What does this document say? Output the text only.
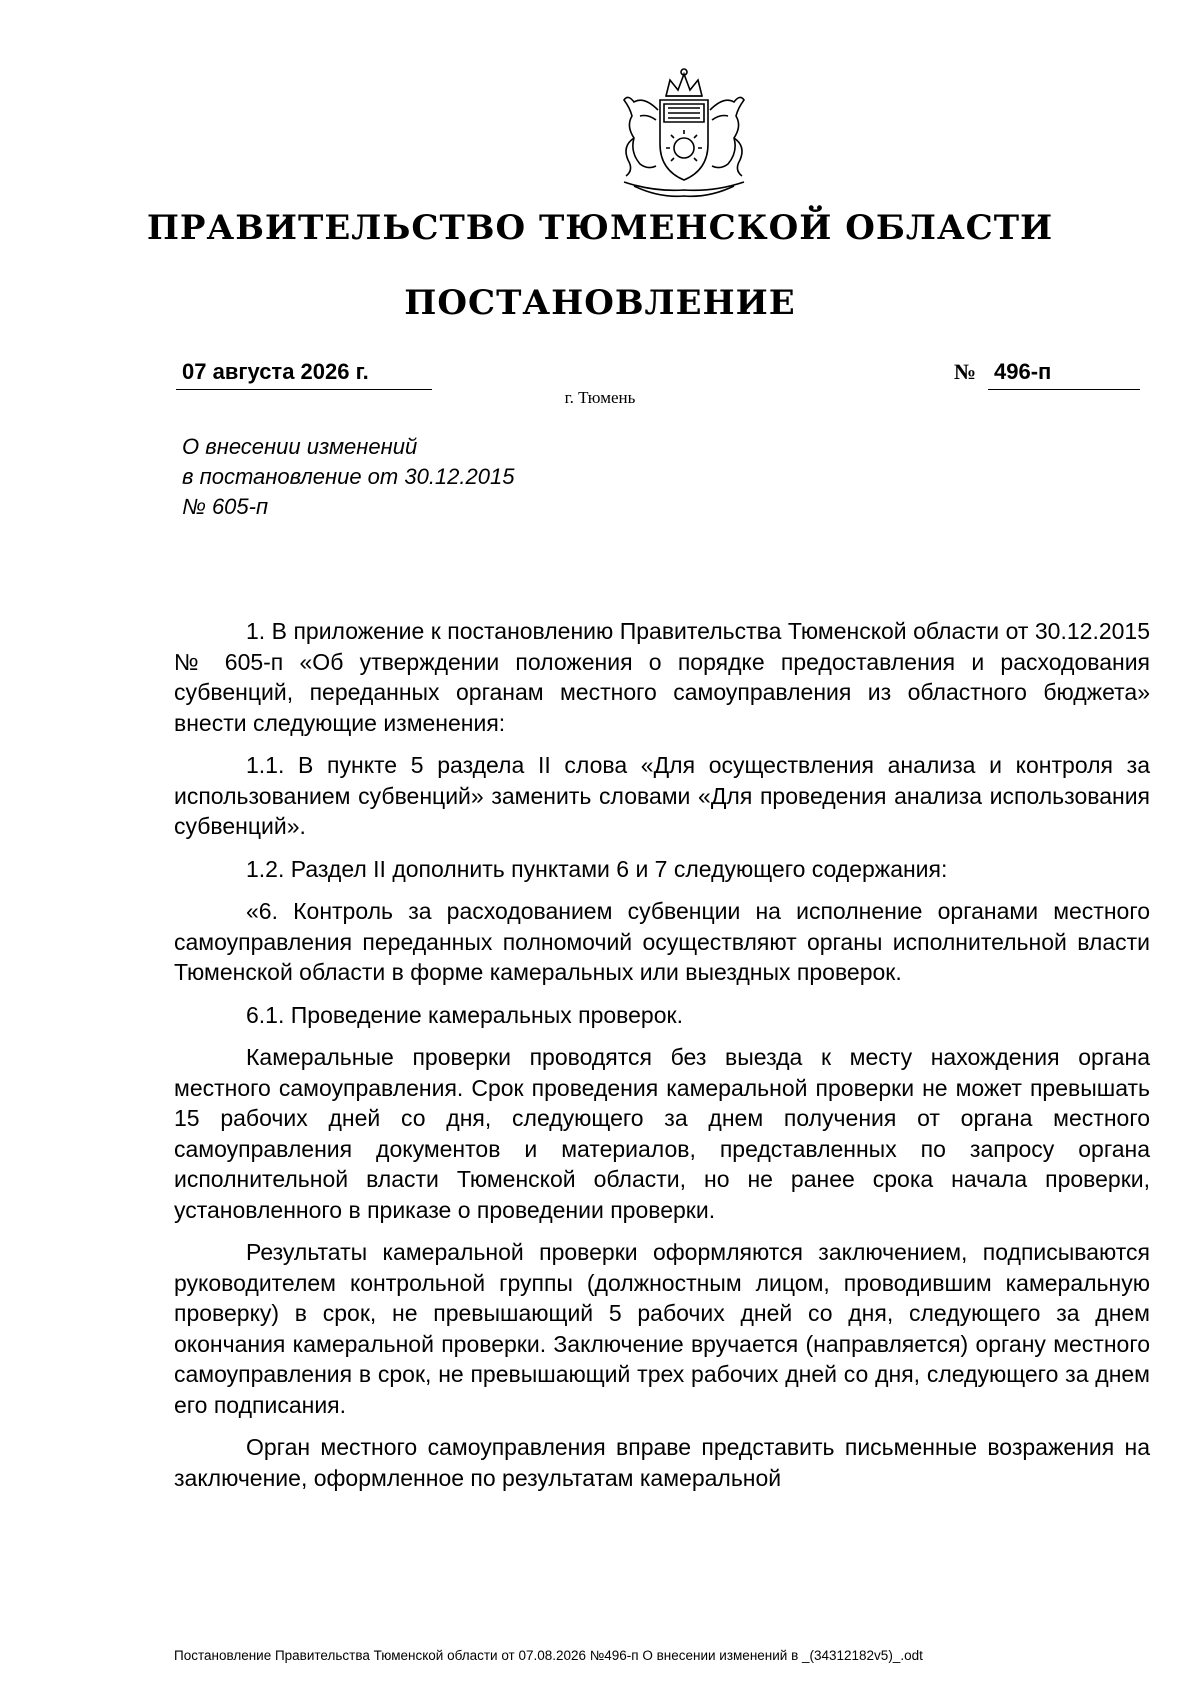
ПРАВИТЕЛЬСТВО ТЮМЕНСКОЙ ОБЛАСТИ
ПОСТАНОВЛЕНИЕ
07 августа 2026 г.	№ 496-п
г. Тюмень
О внесении изменений
в постановление от 30.12.2015
№ 605-п

1. В приложение к постановлению Правительства Тюменской области от 30.12.2015 № 605-п «Об утверждении положения о порядке предоставления и расходования субвенций, переданных органам местного самоуправления из областного бюджета» внести следующие изменения:

1.1. В пункте 5 раздела II слова «Для осуществления анализа и контроля за использованием субвенций» заменить словами «Для проведения анализа использования субвенций».

1.2. Раздел II дополнить пунктами 6 и 7 следующего содержания:

«6. Контроль за расходованием субвенции на исполнение органами местного самоуправления переданных полномочий осуществляют органы исполнительной власти Тюменской области в форме камеральных или выездных проверок.

6.1. Проведение камеральных проверок.

Камеральные проверки проводятся без выезда к месту нахождения органа местного самоуправления. Срок проведения камеральной проверки не может превышать 15 рабочих дней со дня, следующего за днем получения от органа местного самоуправления документов и материалов, представленных по запросу органа исполнительной власти Тюменской области, но не ранее срока начала проверки, установленного в приказе о проведении проверки.

Результаты камеральной проверки оформляются заключением, подписываются руководителем контрольной группы (должностным лицом, проводившим камеральную проверку) в срок, не превышающий 5 рабочих дней со дня, следующего за днем окончания камеральной проверки. Заключение вручается (направляется) органу местного самоуправления в срок, не превышающий трех рабочих дней со дня, следующего за днем его подписания.

Орган местного самоуправления вправе представить письменные возражения на заключение, оформленное по результатам камеральной

Постановление Правительства Тюменской области от 07.08.2026 №496-п О внесении изменений в _(34312182v5)_.odt
